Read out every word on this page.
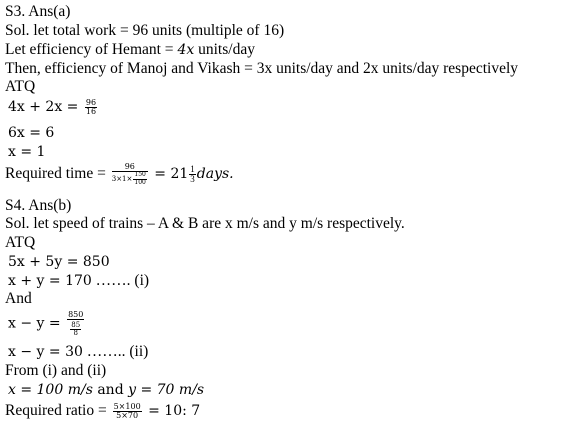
S3. Ans(a)
Sol. let total work = 96 units (multiple of 16)
Let efficiency of Hemant = 4x units/day
Then, efficiency of Manoj and Vikash = 3x units/day and 2x units/day respectively
ATQ
$4x + 2x = \frac{96}{16}$
6x = 6
x = 1
Required time = $\frac{96}{3\times 1\times \frac{150}{100}} = 21 \frac{1}{3}$ days.
S4. Ans(b)
Sol. let speed of trains – A & B are x m/s and y m/s respectively.
ATQ
5x + 5y = 850
x + y = 170 ……. (i)
And
$x - y = \frac{850}{\frac{85}{8}}$
x − y = 30 …….. (ii)
From (i) and (ii)
x = 100 m/s and y = 70 m/s
Required ratio = $\frac{5\times 100}{5\times 70} = 10$: 7
